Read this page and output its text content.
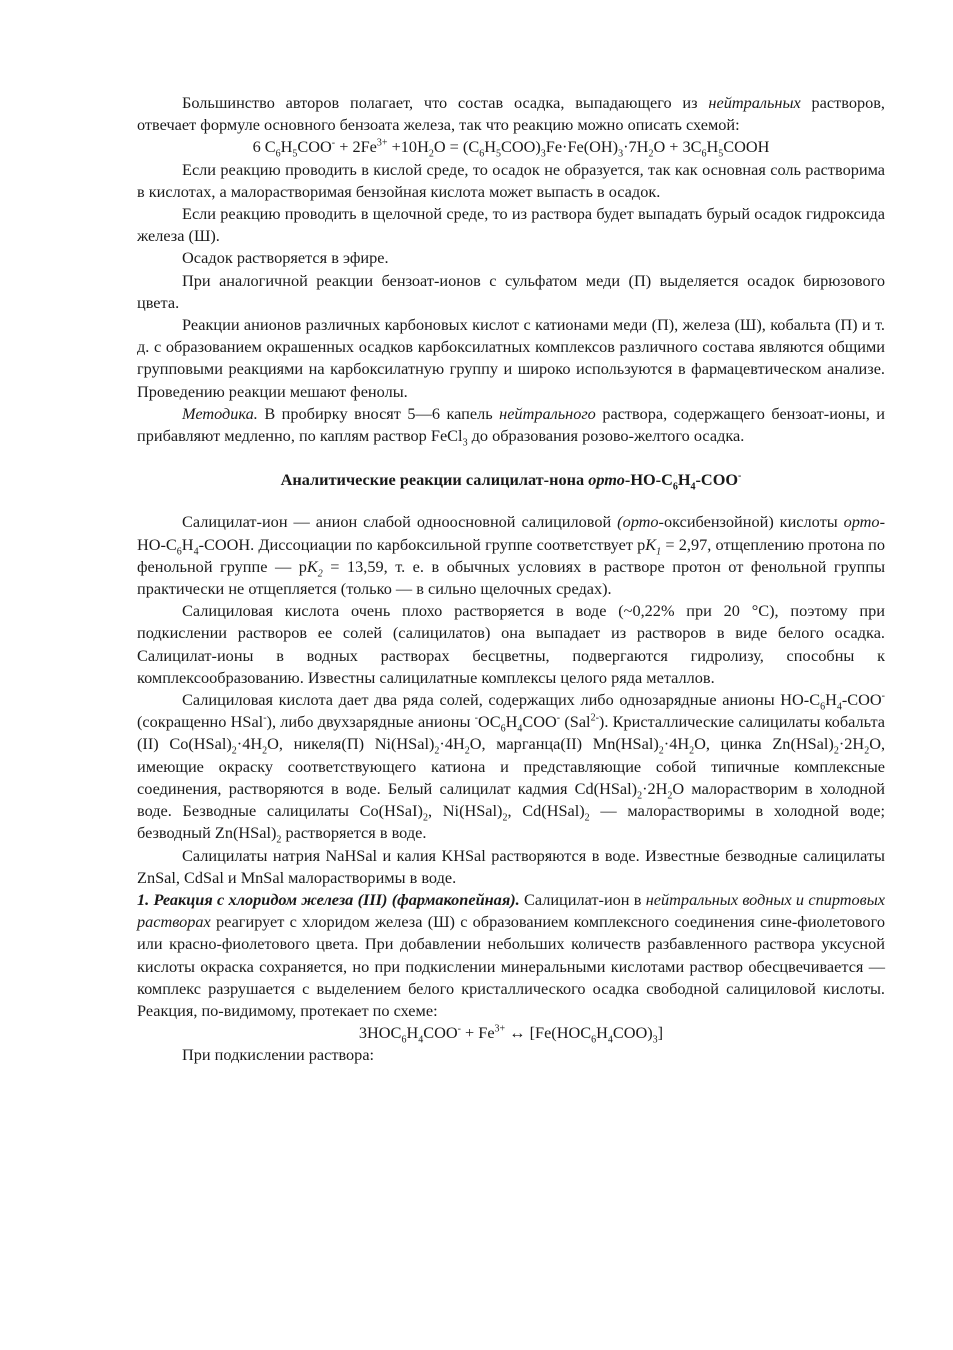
Большинство авторов полагает, что состав осадка, выпадающего из нейтральных растворов, отвечает формуле основного бензоата железа, так что реакцию можно описать схемой:

6 $C_6H_5COO^- + 2Fe^{3+} +10H_2O = (C_6H_5COO)_3Fe\cdot Fe(OH)_3\cdot 7H_2O$ + $3C_6H_5COOH$

Если реакцию проводить в кислой среде, то осадок не образуется, так как основная соль растворима в кислотах, а малорастворимая бензойная кислота может выпасть в осадок.

Если реакцию проводить в щелочной среде, то из раствора будет выпадать бурый осадок гидроксида железа (Ш).

Осадок растворяется в эфире.

При аналогичной реакции бензоат-ионов с сульфатом меди (П) выделяется осадок бирюзового цвета.

Реакции анионов различных карбоновых кислот с катионами меди (П), железа (Ш), кобальта (П) и т. д. с образованием окрашенных осадков карбоксилатных комплексов различного состава являются общими групповыми реакциями на карбоксилатную группу и широко используются в фармацевтическом анализе. Проведению реакции мешают фенолы.

Методика. В пробирку вносят 5—6 капель нейтрального раствора, содержащего бензоат-ионы, и прибавляют медленно, по каплям раствор FeCl$_3$ до образования розово-желтого осадка.

Аналитические реакции салицилат-нона орто-$HO-C_6H_4-COO^-$

Салицилат-ион — анион слабой одноосновной салициловой (орто-оксибензойной) кислоты орто-$HO-C_6H_4$-COOH. Диссоциации по карбоксильной группе соответствует $pK_1 = 2,97$, отщеплению протона по фенольной группе — $pK_2 = 13,59$, т. е. в обычных условиях в растворе протон от фенольной группы практически не отщепляется (только — в сильно щелочных средах).

Салициловая кислота очень плохо растворяется в воде (~0,22% при 20 °С), поэтому при подкислении растворов ее солей (салицилатов) она выпадает из растворов в виде белого осадка. Салицилат-ионы в водных растворах бесцветны, подвергаются гидролизу, способны к комплексообразованию. Известны салицилатные комплексы целого ряда металлов.

Салициловая кислота дает два ряда солей, содержащих либо однозарядные анионы $HO-C_6H_4-COO^-$ (сокращенно HSal-), либо двухзарядные анионы $^-OC_6H_4COO^-$ (Sal$^{2-}$). Кристаллические салицилаты кобальта (II) $Co(HSal)_2\cdot 4H_2O$, никеля(П) $Ni(HSal)_2\cdot 4H_2O$, марганца(II) $Mn(HSal)_2\cdot 4H_2O$, цинка $Zn(HSal)_2\cdot 2H_2O$, имеющие окраску соответствующего катиона и представляющие собой типичные комплексные соединения, растворяются в воде. Белый салицилат кадмия $Cd(HSal)_2\cdot 2H_2O$ малорастворим в холодной воде. Безводные салицилаты $Co(HSaI)_2$, $Ni(HSal)_2$, $Cd(HSal)_2$ — малорастворимы в холодной воде; безводный $Zn(HSal)_2$ растворяется в воде.

Салицилаты натрия NaHSal и калия KHSal растворяются в воде. Известные безводные салицилаты ZnSal, CdSal и MnSal малорастворимы в воде.

1. Реакция с хлоридом железа (III) (фармакопейная). Салицилат-ион в нейтральных водных и спиртовых растворах реагирует с хлоридом железа (Ш) с образованием комплексного соединения сине-фиолетового или красно-фиолетового цвета. При добавлении небольших количеств разбавленного раствора уксусной кислоты окраска сохраняется, но при подкислении минеральными кислотами раствор обесцвечивается — комплекс разрушается с выделением белого кристаллического осадка свободной салициловой кислоты. Реакция, по-видимому, протекает по схеме:

$3HOC_6H_4COO^- + Fe^{3+}$ ↔ $[Fe(HOC_6H_4COO)_3]$

При подкислении раствора:
